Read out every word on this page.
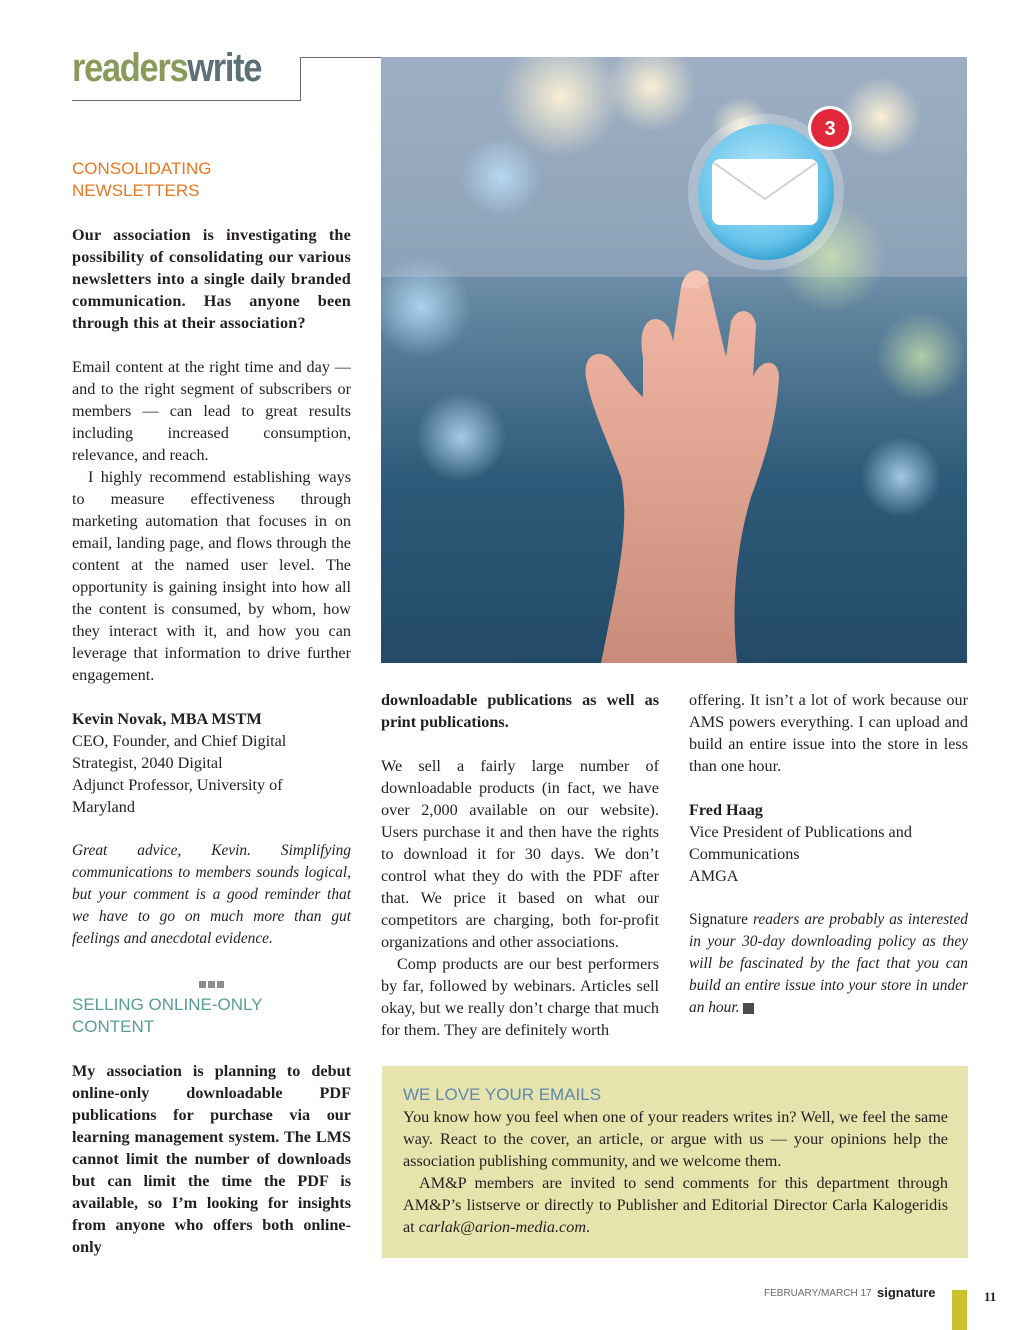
readerswrite
CONSOLIDATING
NEWSLETTERS

Our association is investigating the possibility of consolidating our various newsletters into a single daily branded communication. Has anyone been through this at their association?

Email content at the right time and day — and to the right segment of subscribers or members — can lead to great results including increased consumption, relevance, and reach.

I highly recommend establishing ways to measure effectiveness through marketing automation that focuses in on email, landing page, and flows through the content at the named user level. The opportunity is gaining insight into how all the content is consumed, by whom, how they interact with it, and how you can leverage that information to drive further engagement.

Kevin Novak, MBA MSTM
CEO, Founder, and Chief Digital
Strategist, 2040 Digital
Adjunct Professor, University of
Maryland

Great advice, Kevin. Simplifying communications to members sounds logical, but your comment is a good reminder that we have to go on much more than gut feelings and anecdotal evidence.

SELLING ONLINE-ONLY
CONTENT

My association is planning to debut online-only downloadable PDF publications for purchase via our learning management system. The LMS cannot limit the number of downloads but can limit the time the PDF is available, so I’m looking for insights from anyone who offers both online-only

3

downloadable publications as well as print publications.

We sell a fairly large number of downloadable products (in fact, we have over 2,000 available on our website). Users purchase it and then have the rights to download it for 30 days. We don’t control what they do with the PDF after that. We price it based on what our competitors are charging, both for-profit organizations and other associations.

Comp products are our best performers by far, followed by webinars. Articles sell okay, but we really don’t charge that much for them. They are definitely worth

offering. It isn’t a lot of work because our AMS powers everything. I can upload and build an entire issue into the store in less than one hour.

Fred Haag
Vice President of Publications and
Communications
AMGA

Signature readers are probably as interested in your 30-day downloading policy as they will be fascinated by the fact that you can build an entire issue into your store in under an hour.

WE LOVE YOUR EMAILS

You know how you feel when one of your readers writes in? Well, we feel the same way. React to the cover, an article, or argue with us — your opinions help the association publishing community, and we welcome them.

AM&P members are invited to send comments for this department through AM&P’s listserve or directly to Publisher and Editorial Director Carla Kalogeridis at carlak@arion-media.com.

FEBRUARY/MARCH 17 signature	11
